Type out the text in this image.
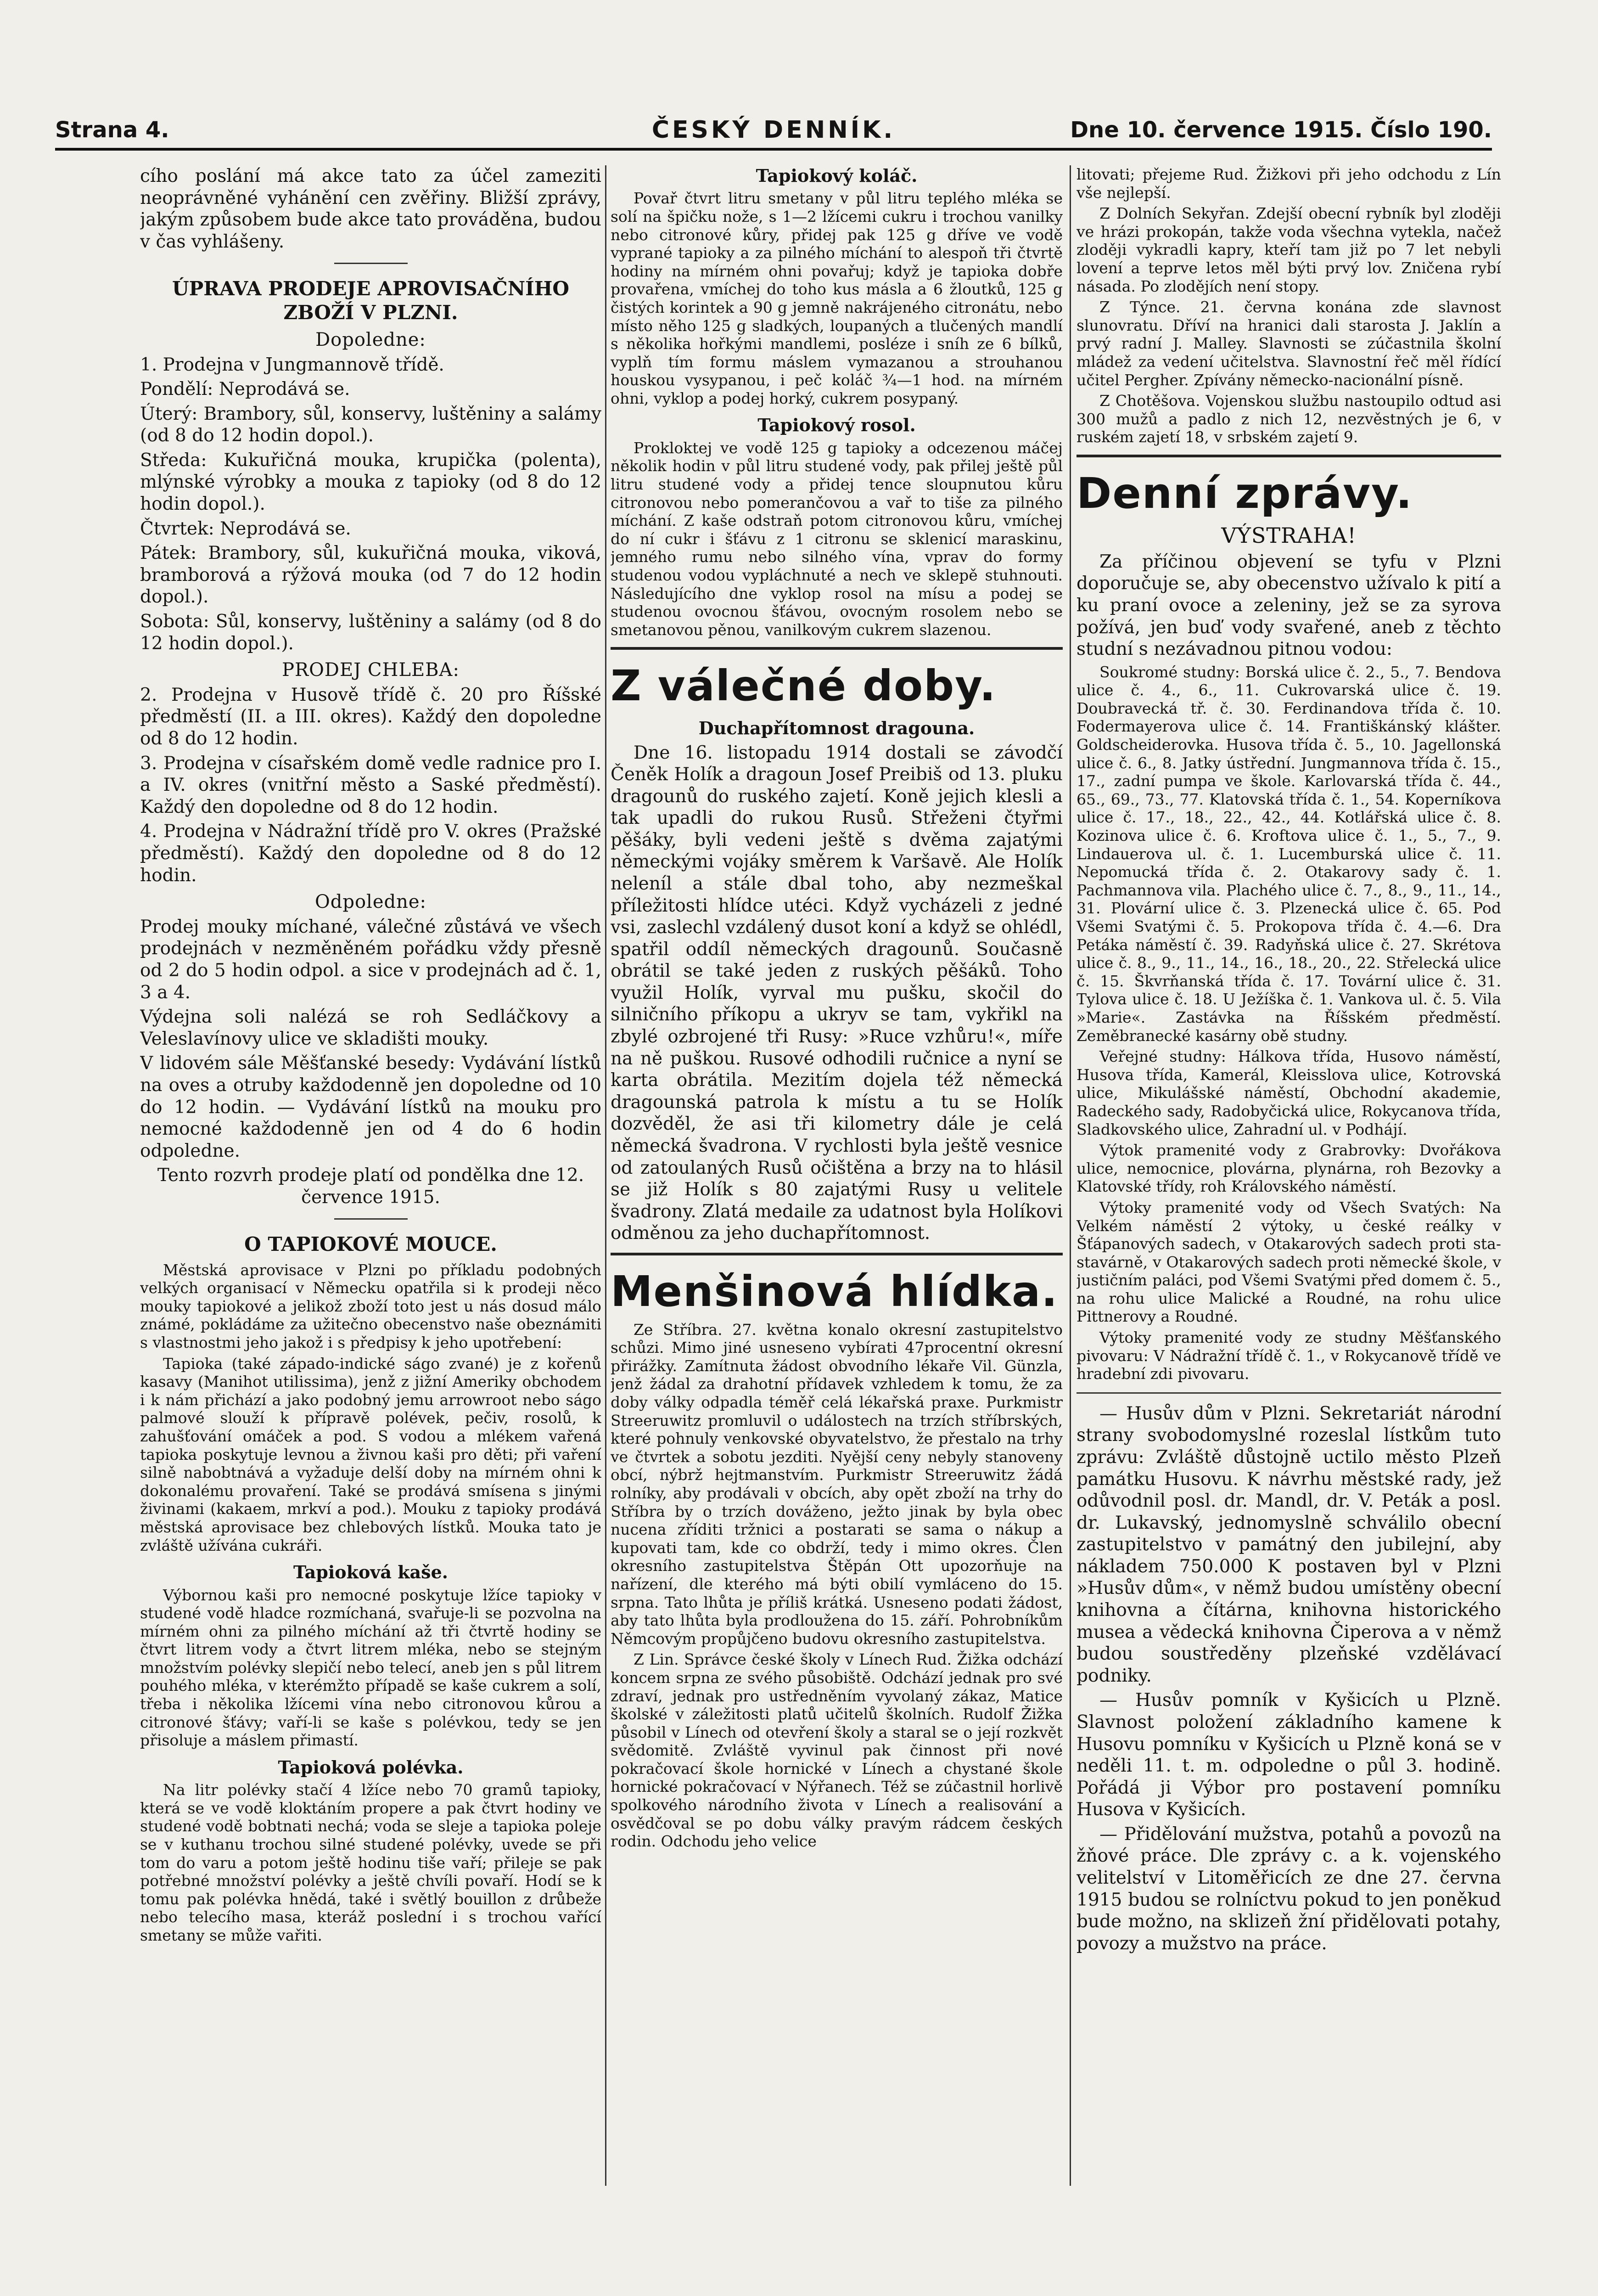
Strana 4.	ČESKÝ DENNÍK.	Dne 10. července 1915. Číslo 190.

cího poslání má akce tato za účel zameziti neoprávněné vyhánění cen zvěřiny. Bližší zprávy, jakým způsobem bude akce tato prováděna, budou v čas vyhlášeny.

ÚPRAVA PRODEJE APROVISAČNÍHO ZBOŽÍ V PLZNI.
Dopoledne:

1. Prodejna v Jungmannově třídě.

Pondělí: Neprodává se.

Úterý: Brambory, sůl, konservy, luštěniny a salámy (od 8 do 12 hodin dopol.).

Středa: Kukuřičná mouka, krupička (polenta), mlýnské výrobky a mouka z tapioky (od 8 do 12 hodin dopol.).

Čtvrtek: Neprodává se.

Pátek: Brambory, sůl, kukuřičná mouka, viková, bramborová a rýžová mouka (od 7 do 12 hodin dopol.).

Sobota: Sůl, konservy, luštěniny a salámy (od 8 do 12 hodin dopol.).

PRODEJ CHLEBA:

2. Prodejna v Husově třídě č. 20 pro Říšské předměstí (II. a III. okres). Každý den dopoledne od 8 do 12 hodin.

3. Prodejna v císařském domě vedle radnice pro I. a IV. okres (vnitřní město a Saské předměstí). Každý den dopoledne od 8 do 12 hodin.

4. Prodejna v Nádražní třídě pro V. okres (Pražské předměstí). Každý den dopoledne od 8 do 12 hodin.

Odpoledne:

Prodej mouky míchané, válečné zůstává ve všech prodejnách v nezměněném pořádku vždy přesně od 2 do 5 hodin odpol. a sice v prodejnách ad č. 1, 3 a 4.

Výdejna soli nalézá se roh Sedláčkovy a Veleslavínovy ulice ve skladišti mouky.

V lidovém sále Měšťanské besedy: Vydávání lístků na oves a otruby každodenně jen dopoledne od 10 do 12 hodin. — Vydávání lístků na mouku pro nemocné každodenně jen od 4 do 6 hodin odpoledne.

Tento rozvrh prodeje platí od pondělka dne 12. července 1915.

O TAPIOKOVÉ MOUCE.

Městská aprovisace v Plzni po příkladu podobných velkých organisací v Německu opatřila si k prodeji něco mouky tapiokové a jelikož zboží toto jest u nás dosud málo známé, pokládáme za užitečno obecenstvo naše obeznámiti s vlastnostmi jeho jakož i s předpisy k jeho upotřebení:

Tapioka (také západo-indické ságo zvané) je z kořenů kasavy (Manihot utilissima), jenž z jižní Ameriky obchodem i k nám přichází a jako podobný jemu arrowroot nebo ságo palmové slouží k přípravě polévek, pečiv, rosolů, k zahušťování omáček a pod. S vodou a mlékem vařená tapioka poskytuje levnou a živnou kaši pro děti; při vaření silně nabobtnává a vyžaduje delší doby na mírném ohni k dokonalému provaření. Také se prodává smísena s jinými živinami (kakaem, mrkví a pod.). Mouku z tapioky prodává městská aprovisace bez chlebových lístků. Mouka tato je zvláště užívána cukráři.

Tapioková kaše.

Výbornou kaši pro nemocné poskytuje lžíce tapioky v studené vodě hladce rozmíchaná, svařuje-li se pozvolna na mírném ohni za pilného míchání až tři čtvrtě hodiny se čtvrt litrem vody a čtvrt litrem mléka, nebo se stejným množstvím polévky slepičí nebo telecí, aneb jen s půl litrem pouhého mléka, v kterémžto případě se kaše cukrem a solí, třeba i několika lžícemi vína nebo citronovou kůrou a citronové šťávy; vaří-li se kaše s polévkou, tedy se jen přisoluje a máslem přimastí.

Tapioková polévka.

Na litr polévky stačí 4 lžíce nebo 70 gramů tapioky, která se ve vodě kloktáním propere a pak čtvrt hodiny ve studené vodě bobtnati nechá; voda se sleje a tapioka poleje se v kuthanu trochou silné studené polévky, uvede se při tom do varu a potom ještě hodinu tiše vaří; přileje se pak potřebné množství polévky a ještě chvíli povaří. Hodí se k tomu pak polévka hnědá, také i světlý bouillon z drůbeže nebo telecího masa, kteráž poslední i s trochou vařící smetany se může vařiti.

Tapiokový koláč.

Povař čtvrt litru smetany v půl litru teplého mléka se solí na špičku nože, s 1—2 lžícemi cukru i trochou vanilky nebo citronové kůry, přidej pak 125 g dříve ve vodě vyprané tapioky a za pilného míchání to alespoň tři čtvrtě hodiny na mírném ohni povařuj; když je tapioka dobře provařena, vmíchej do toho kus másla a 6 žloutků, 125 g čistých korintek a 90 g jemně nakrájeného citronátu, nebo místo něho 125 g sladkých, loupaných a tlučených mandlí s několika hořkými mandlemi, posléze i sníh ze 6 bílků, vyplň tím formu máslem vymazanou a strouhanou houskou vysypanou, i peč koláč ¾—1 hod. na mírném ohni, vyklop a podej horký, cukrem posypaný.

Tapiokový rosol.

Prokloktej ve vodě 125 g tapioky a odcezenou máčej několik hodin v půl litru studené vody, pak přilej ještě půl litru studené vody a přidej tence sloupnutou kůru citronovou nebo pomerančovou a vař to tiše za pilného míchání. Z kaše odstraň potom citronovou kůru, vmíchej do ní cukr i šťávu z 1 citronu se sklenicí maraskinu, jemného rumu nebo silného vína, vprav do formy studenou vodou vypláchnuté a nech ve sklepě stuhnouti. Následujícího dne vyklop rosol na mísu a podej se studenou ovocnou šťávou, ovocným rosolem nebo se smetanovou pěnou, vanilkovým cukrem slazenou.

Z válečné doby.
Duchapřítomnost dragouna.

Dne 16. listopadu 1914 dostali se závodčí Čeněk Holík a dragoun Josef Preibiš od 13. pluku dragounů do ruského zajetí. Koně jejich klesli a tak upadli do rukou Rusů. Střeženi čtyřmi pěšáky, byli vedeni ještě s dvěma zajatými německými vojáky směrem k Varšavě. Ale Holík neleníl a stále dbal toho, aby nezmeškal příležitosti hlídce utéci. Když vycházeli z jedné vsi, zaslechl vzdálený dusot koní a když se ohlédl, spatřil oddíl německých dragounů. Současně obrátil se také jeden z ruských pěšáků. Toho využil Holík, vyrval mu pušku, skočil do silničního příkopu a ukryv se tam, vykřikl na zbylé ozbrojené tři Rusy: »Ruce vzhůru!«, míře na ně puškou. Rusové odhodili ručnice a nyní se karta obrátila. Mezitím dojela též německá dragounská patrola k místu a tu se Holík dozvěděl, že asi tři kilometry dále je celá německá švadrona. V rychlosti byla ještě vesnice od zatoulaných Rusů očištěna a brzy na to hlásil se již Holík s 80 zajatými Rusy u velitele švadrony. Zlatá medaile za udatnost byla Holíkovi odměnou za jeho duchapřítomnost.

Menšinová hlídka.

Ze Stříbra. 27. května konalo okresní zastupitelstvo schůzi. Mimo jiné usneseno vybírati 47procentní okresní přirážky. Zamítnuta žádost obvodního lékaře Vil. Günzla, jenž žádal za drahotní přídavek vzhledem k tomu, že za doby války odpadla téměř celá lékařská praxe. Purkmistr Streeruwitz promluvil o událostech na trzích stříbrských, které pohnuly venkovské obyvatelstvo, že přestalo na trhy ve čtvrtek a sobotu jezditi. Nyější ceny nebyly stanoveny obcí, nýbrž hejtmanstvím. Purkmistr Streeruwitz žádá rolníky, aby prodávali v obcích, aby opět zboží na trhy do Stříbra by o trzích dováženo, ježto jinak by byla obec nucena zříditi tržnici a postarati se sama o nákup a kupovati tam, kde co obdrží, tedy i mimo okres. Člen okresního zastupitelstva Štěpán Ott upozorňuje na nařízení, dle kterého má býti obilí vymláceno do 15. srpna. Tato lhůta je příliš krátká. Usneseno podati žádost, aby tato lhůta byla prodloužena do 15. září. Pohrobníkům Němcovým propůjčeno budovu okresního zastupitelstva.

Z Lin. Správce české školy v Línech Rud. Žižka odchází koncem srpna ze svého působiště. Odchází jednak pro své zdraví, jednak pro ustředněním vyvolaný zákaz, Matice školské v záležitosti platů učitelů školních. Rudolf Žižka působil v Línech od otevření školy a staral se o její rozkvět svědomitě. Zvláště vyvinul pak činnost při nové pokračovací škole hornické v Línech a chystané škole hornické pokračovací v Nýřanech. Též se zúčastnil horlivě spolkového národního života v Línech a realisování a osvědčoval se po dobu války pravým rádcem českých rodin. Odchodu jeho velice

litovati; přejeme Rud. Žižkovi při jeho odchodu z Lín vše nejlepší.

Z Dolních Sekyřan. Zdejší obecní rybník byl zloději ve hrázi prokopán, takže voda všechna vytekla, načež zloději vykradli kapry, kteří tam již po 7 let nebyli lovení a teprve letos měl býti prvý lov. Zničena rybí násada. Po zlodějích není stopy.

Z Týnce. 21. června konána zde slavnost slunovratu. Dříví na hranici dali starosta J. Jaklín a prvý radní J. Malley. Slavnosti se zúčastnila školní mládež za vedení učitelstva. Slavnostní řeč měl řídící učitel Pergher. Zpívány německo-nacionální písně.

Z Chotěšova. Vojenskou službu nastoupilo odtud asi 300 mužů a padlo z nich 12, nezvěstných je 6, v ruském zajetí 18, v srbském zajetí 9.

Denní zprávy.
VÝSTRAHA!

Za příčinou objevení se tyfu v Plzni doporučuje se, aby obecenstvo užívalo k pití a ku praní ovoce a zeleniny, jež se za syrova požívá, jen buď vody svařené, aneb z těchto studní s nezávadnou pitnou vodou:

Soukromé studny: Borská ulice č. 2., 5., 7. Bendova ulice č. 4., 6., 11. Cukrovarská ulice č. 19. Doubravecká tř. č. 30. Ferdinandova třída č. 10. Fodermayerova ulice č. 14. Františkánský klášter. Goldscheiderovka. Husova třída č. 5., 10. Jagellonská ulice č. 6., 8. Jatky ústřední. Jungmannova třída č. 15., 17., zadní pumpa ve škole. Karlovarská třída č. 44., 65., 69., 73., 77. Klatovská třída č. 1., 54. Koperníkova ulice č. 17., 18., 22., 42., 44. Kotlářská ulice č. 8. Kozinova ulice č. 6. Kroftova ulice č. 1., 5., 7., 9. Lindauerova ul. č. 1. Lucemburská ulice č. 11. Nepomucká třída č. 2. Otakarovy sady č. 1. Pachmannova vila. Plachého ulice č. 7., 8., 9., 11., 14., 31. Plovární ulice č. 3. Plzenecká ulice č. 65. Pod Všemi Svatými č. 5. Prokopova třída č. 4.—6. Dra Petáka náměstí č. 39. Radyňská ulice č. 27. Skrétova ulice č. 8., 9., 11., 14., 16., 18., 20., 22. Střelecká ulice č. 15. Škvrňanská třída č. 17. Tovární ulice č. 31. Tylova ulice č. 18. U Ježíška č. 1. Vankova ul. č. 5. Vila »Marie«. Zastávka na Říšském předměstí. Zeměbranecké kasárny obě studny.

Veřejné studny: Hálkova třída, Husovo náměstí, Husova třída, Kamerál, Kleisslova ulice, Kotrovská ulice, Mikulášské náměstí, Obchodní akademie, Radeckého sady, Radobyčická ulice, Rokycanova třída, Sladkovského ulice, Zahradní ul. v Podhájí.

Výtok pramenité vody z Grabrovky: Dvořákova ulice, nemocnice, plovárna, plynárna, roh Bezovky a Klatovské třídy, roh Královského náměstí.

Výtoky pramenité vody od Všech Svatých: Na Velkém náměstí 2 výtoky, u české reálky v Šťápanových sadech, v Otakarových sadech proti sta-stavárně, v Otakarových sadech proti německé škole, v justičním paláci, pod Všemi Svatými před domem č. 5., na rohu ulice Malické a Roudné, na rohu ulice Pittnerovy a Roudné.

Výtoky pramenité vody ze studny Měšťanského pivovaru: V Nádražní třídě č. 1., v Rokycanově třídě ve hradební zdi pivovaru.

— Husův dům v Plzni. Sekretariát národní strany svobodomyslné rozeslal lístkům tuto zprávu: Zvláště důstojně uctilo město Plzeň památku Husovu. K návrhu městské rady, jež odůvodnil posl. dr. Mandl, dr. V. Peták a posl. dr. Lukavský, jednomyslně schválilo obecní zastupitelstvo v památný den jubilejní, aby nákladem 750.000 K postaven byl v Plzni »Husův dům«, v němž budou umístěny obecní knihovna a čítárna, knihovna historického musea a vědecká knihovna Čiperova a v němž budou soustředěny plzeňské vzdělávací podniky.

— Husův pomník v Kyšicích u Plzně. Slavnost položení základního kamene k Husovu pomníku v Kyšicích u Plzně koná se v neděli 11. t. m. odpoledne o půl 3. hodině. Pořádá ji Výbor pro postavení pomníku Husova v Kyšicích.

— Přidělování mužstva, potahů a povozů na žňové práce. Dle zprávy c. a k. vojenského velitelství v Litoměřicích ze dne 27. června 1915 budou se rolníctvu pokud to jen poněkud bude možno, na sklizeň žní přidělovati potahy, povozy a mužstvo na práce.
